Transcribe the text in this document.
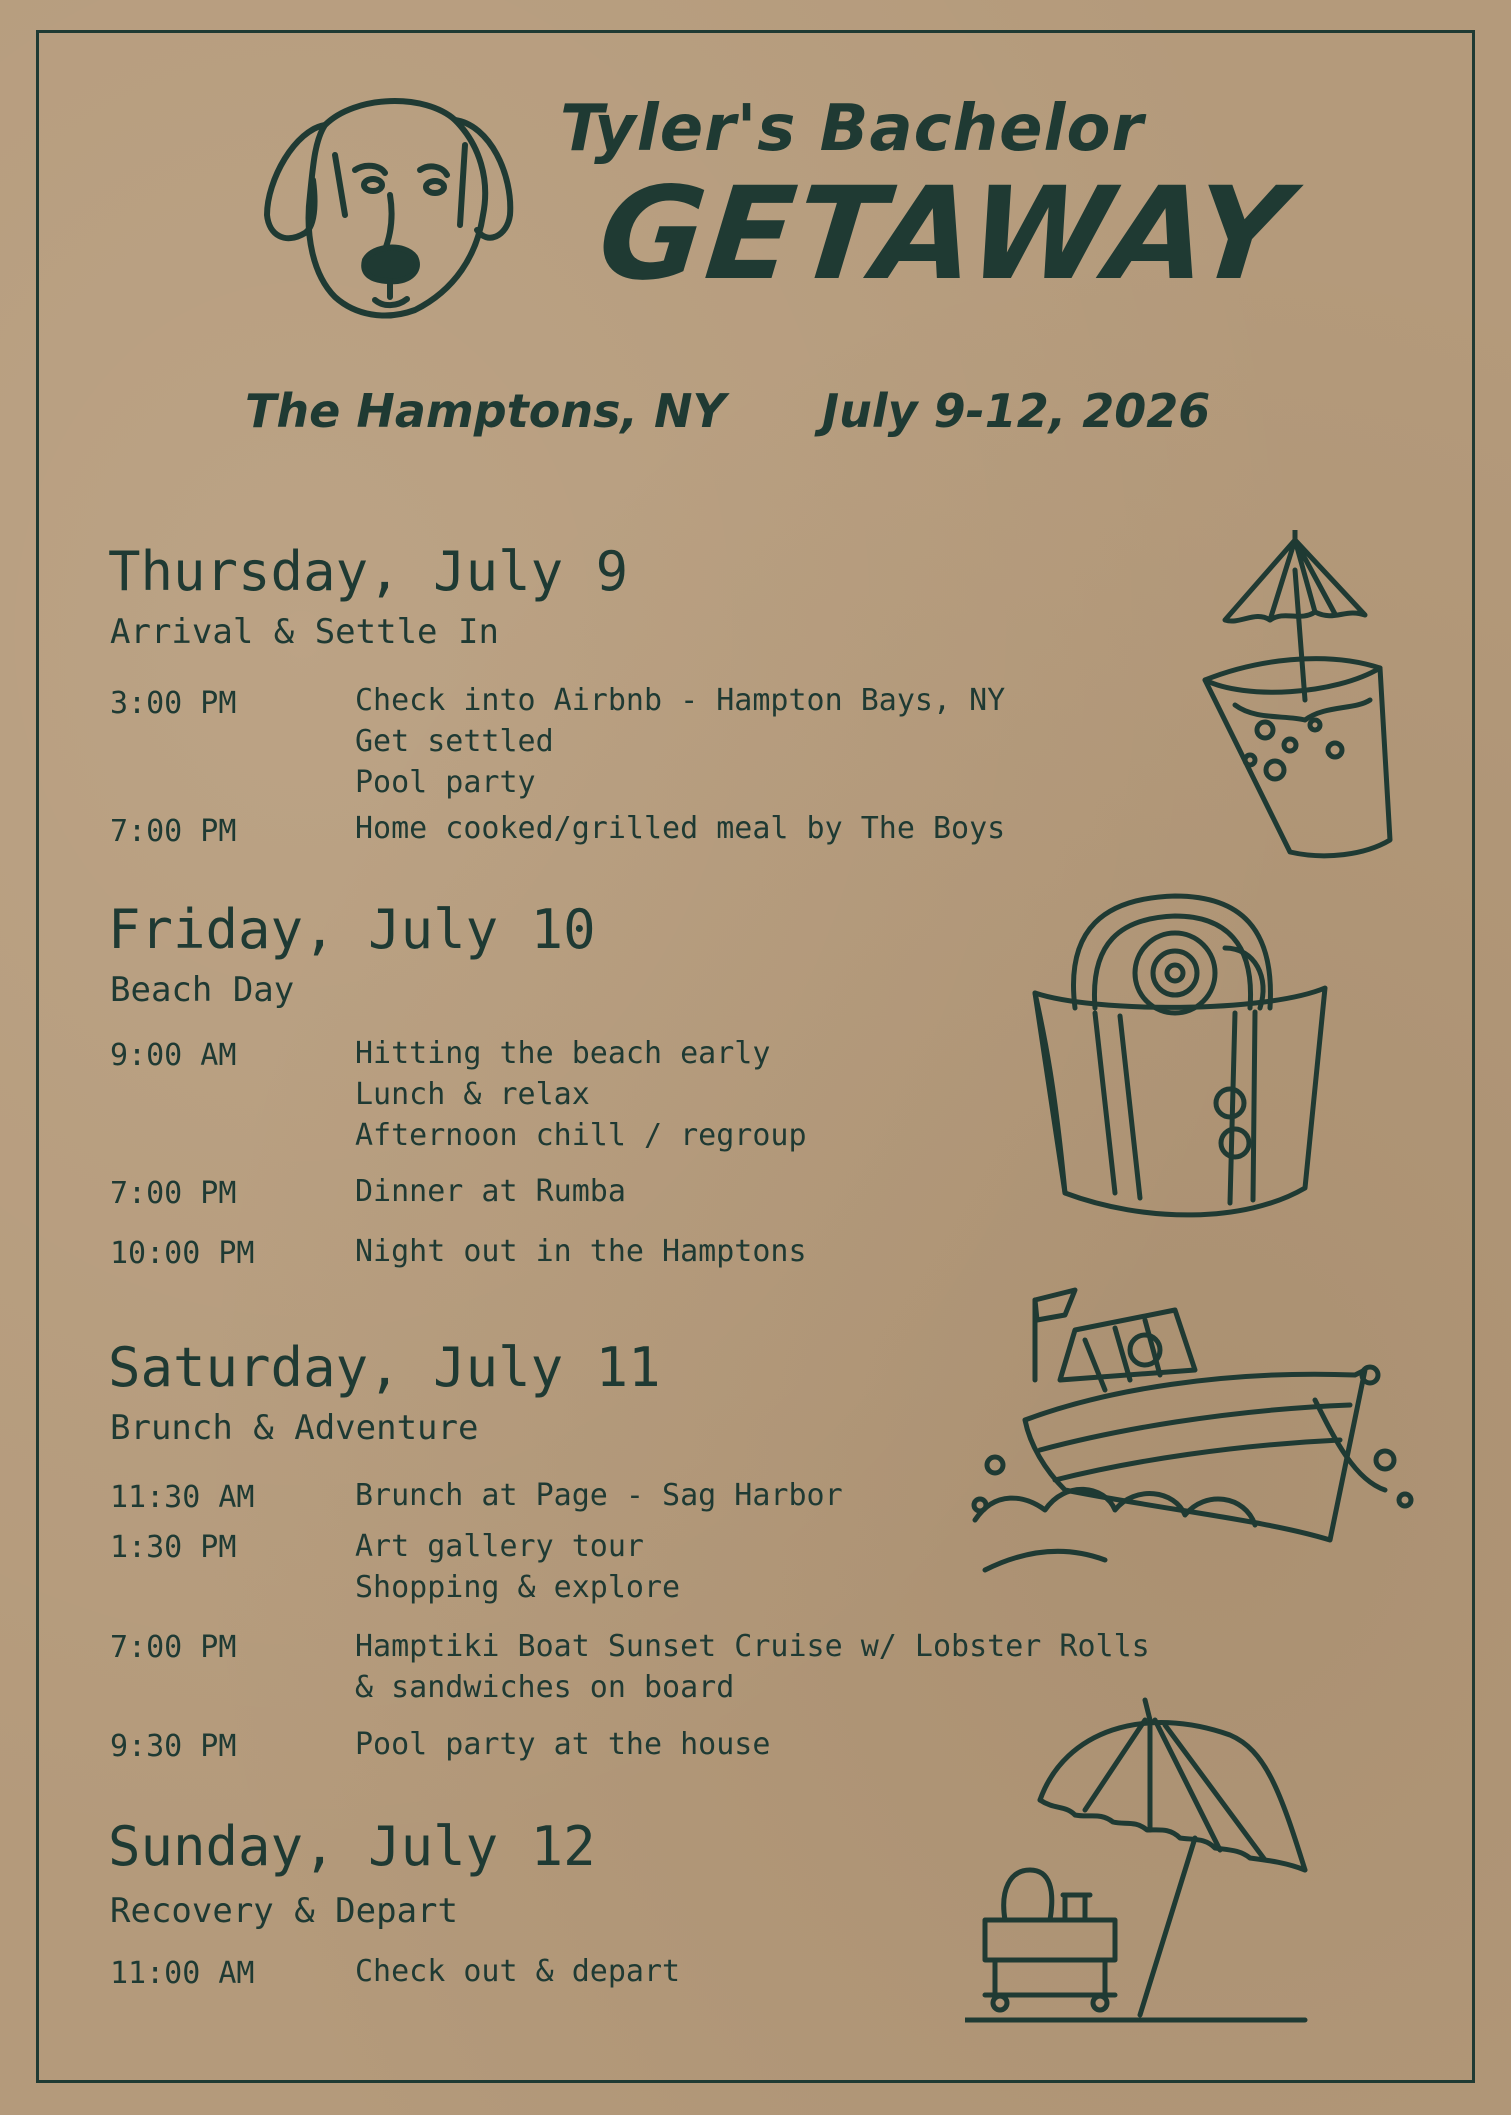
Tyler's Bachelor
GETAWAY
The Hamptons, NY July 9-12, 2026
Thursday, July 9
Arrival & Settle In
3:00 PM	Check into Airbnb - Hampton Bays, NY
Get settled
Pool party
7:00 PM	Home cooked/grilled meal by The Boys
Friday, July 10
Beach Day
9:00 AM	Hitting the beach early
Lunch & relax
Afternoon chill / regroup
7:00 PM	Dinner at Rumba
10:00 PM	Night out in the Hamptons
Saturday, July 11
Brunch & Adventure
11:30 AM	Brunch at Page - Sag Harbor
1:30 PM	Art gallery tour
Shopping & explore
7:00 PM	Hamptiki Boat Sunset Cruise w/ Lobster Rolls
& sandwiches on board
9:30 PM	Pool party at the house
Sunday, July 12
Recovery & Depart
11:00 AM	Check out & depart
